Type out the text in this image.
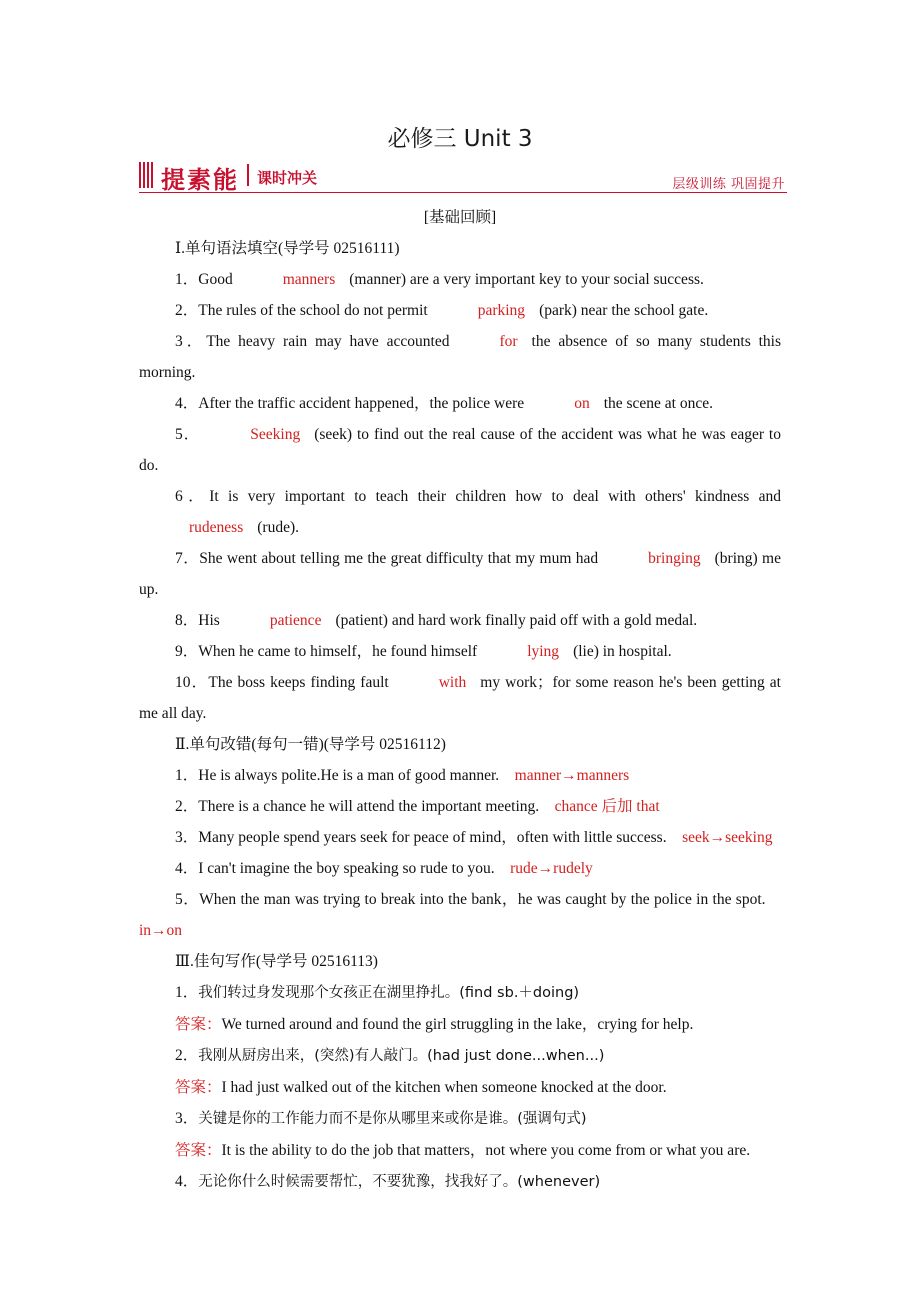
必修三 Unit 3
提素能 课时冲关	层级训练 巩固提升
[基础回顾]
Ⅰ.单句语法填空(导学号 02516111)
1．Good	manners (manner) are a very important key to your social success.
2．The rules of the school do not permit	parking (park) near the school gate.
3．The heavy rain may have accounted	for the absence of so many students this morning.
4．After the traffic accident happened，the police were	on the scene at once.
5．	Seeking (seek) to find out the real cause of the accident was what he was eager to do.
6．It is very important to teach their children how to deal with others' kindness andrudeness (rude).
7．She went about telling me the great difficulty that my mum had	bringing (bring) me up.
8．His	patience (patient) and hard work finally paid off with a gold medal.
9．When he came to himself，he found himself	lying (lie) in hospital.
10．The boss keeps finding fault	with my work；for some reason he's been getting at me all day.
Ⅱ.单句改错(每句一错)(导学号 02516112)
1．He is always polite.He is a man of good manner.  manner→manners
2．There is a chance he will attend the important meeting.  chance 后加 that
3．Many people spend years seek for peace of mind，often with little success.  seek→seeking
4．I can't imagine the boy speaking so rude to you.  rude→rudely
5．When the man was trying to break into the bank，he was caught by the police in the spot. in→on
Ⅲ.佳句写作(导学号 02516113)
1．我们转过身发现那个女孩正在湖里挣扎。(find sb.＋doing)
答案：We turned around and found the girl struggling in the lake，crying for help.
2．我刚从厨房出来，(突然)有人敲门。(had just done...when...)
答案：I had just walked out of the kitchen when someone knocked at the door.
3．关键是你的工作能力而不是你从哪里来或你是谁。(强调句式)
答案：It is the ability to do the job that matters，not where you come from or what you are.
4．无论你什么时候需要帮忙，不要犹豫，找我好了。(whenever)
